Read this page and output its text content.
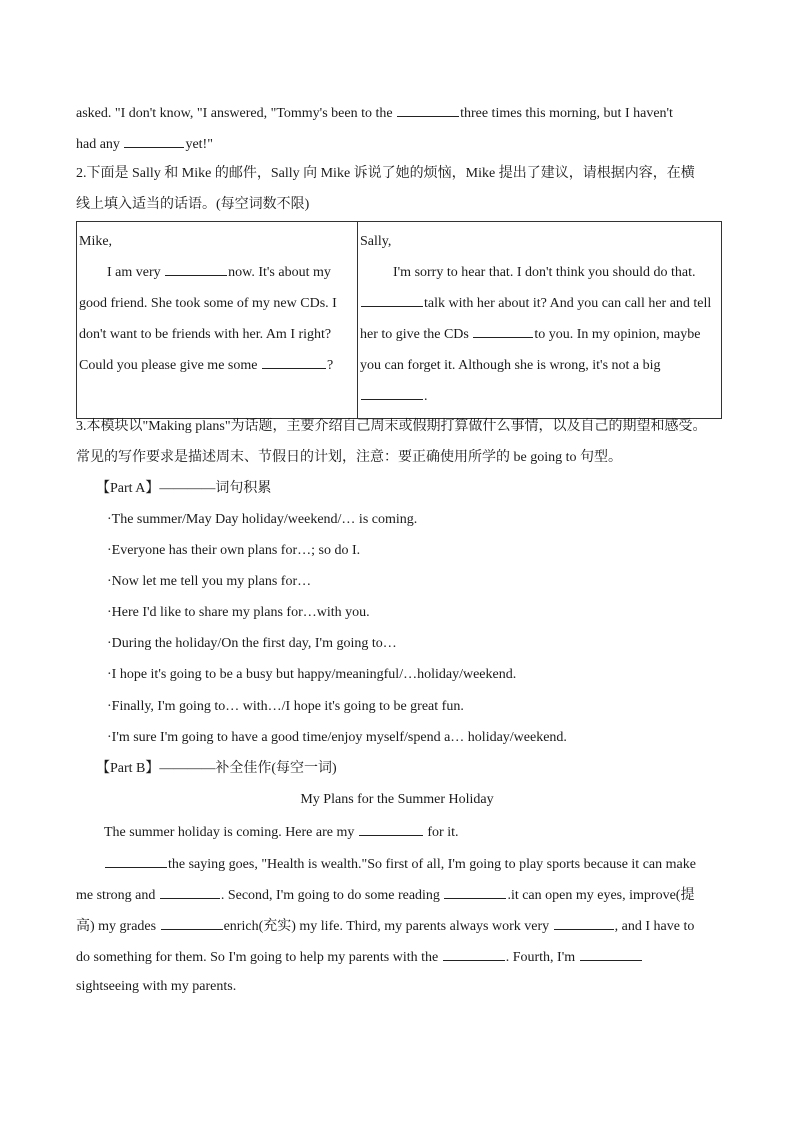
asked. "I don't know, "I answered, "Tommy's been to the	three times this morning, but I haven't
had any	yet!"
2.下面是 Sally 和 Mike 的邮件，Sally 向 Mike 诉说了她的烦恼，Mike 提出了建议，请根据内容，在横
线上填入适当的话语。(每空词数不限)
Mike,
I am very	now. It's about my
good friend. She took some of my new CDs. I
don't want to be friends with her. Am I right?
Could you please give me some	?

Sally,
I'm sorry to hear that. I don't think you should do that.
talk with her about it? And you can call her and tell
her to give the CDs	to you. In my opinion, maybe
you can forget it. Although she is wrong, it's not a big
.
3.本模块以"Making plans"为话题，主要介绍自己周末或假期打算做什么事情，以及自己的期望和感受。
常见的写作要求是描述周末、节假日的计划，注意：要正确使用所学的 be going to 句型。
【Part A】————词句积累
·The summer/May Day holiday/weekend/… is coming.
·Everyone has their own plans for…; so do I.
·Now let me tell you my plans for…
·Here I'd like to share my plans for…with you.
·During the holiday/On the first day, I'm going to…
·I hope it's going to be a busy but happy/meaningful/…holiday/weekend.
·Finally, I'm going to… with…/I hope it's going to be great fun.
·I'm sure I'm going to have a good time/enjoy myself/spend a… holiday/weekend.
【Part B】————补全佳作(每空一词)
My Plans for the Summer Holiday
The summer holiday is coming. Here are my	for it.
the saying goes, "Health is wealth."So first of all, I'm going to play sports because it can make
me strong and	. Second, I'm going to do some reading	.it can open my eyes, improve(提
高) my grades	enrich(充实) my life. Third, my parents always work very	, and I have to
do something for them. So I'm going to help my parents with the	. Fourth, I'm
sightseeing with my parents.
